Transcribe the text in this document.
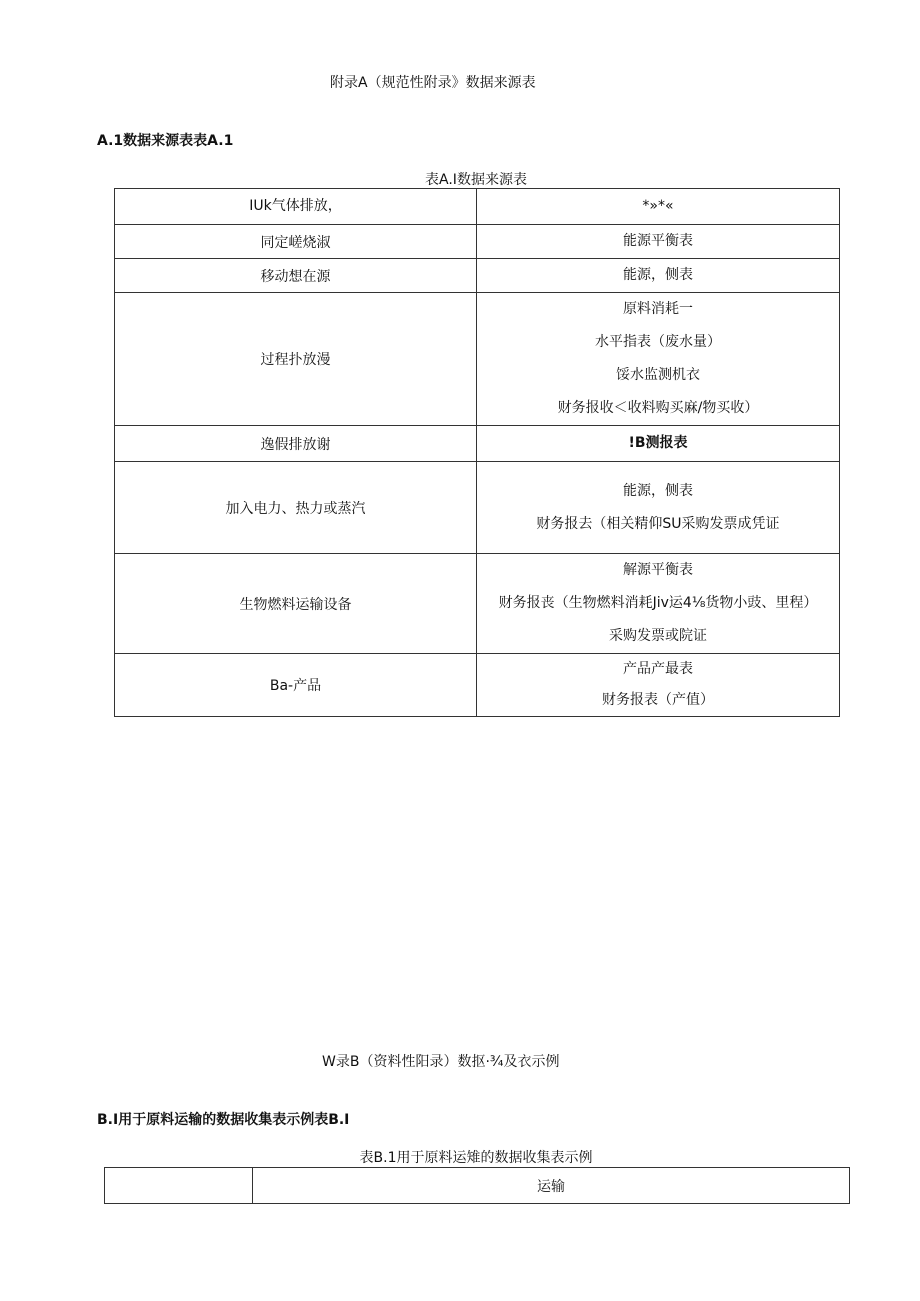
附录A（规范性附录》数据来源表
A.1数据来源表表A.1
表A.I数据来源表
IUk气体排放，	*»*«

同定嵯烧淑	能源平衡表

移动想在源	能源，侧表

过程扑放漫	原料消耗一
水平指表（废水量）
馁水监测机衣
财务报收＜收料购买麻/物买收）

逸假排放谢	!B测报表

加入电力、热力或蒸汽	能源，侧表
财务报去（相关精仰SU采购发票成凭证

生物燃料运输设备	解源平衡表
财务报丧（生物燃料消耗Jiv运4⅛货物小豉、里程）
采购发票或院证

Ba-产品	产品产最表
财务报表（产值）
W录B（资料性阳录）数抠·¾及衣示例
B.I用于原料运输的数据收集表示例表B.I
表B.1用于原料运雉的数据收集表示例
	运输
